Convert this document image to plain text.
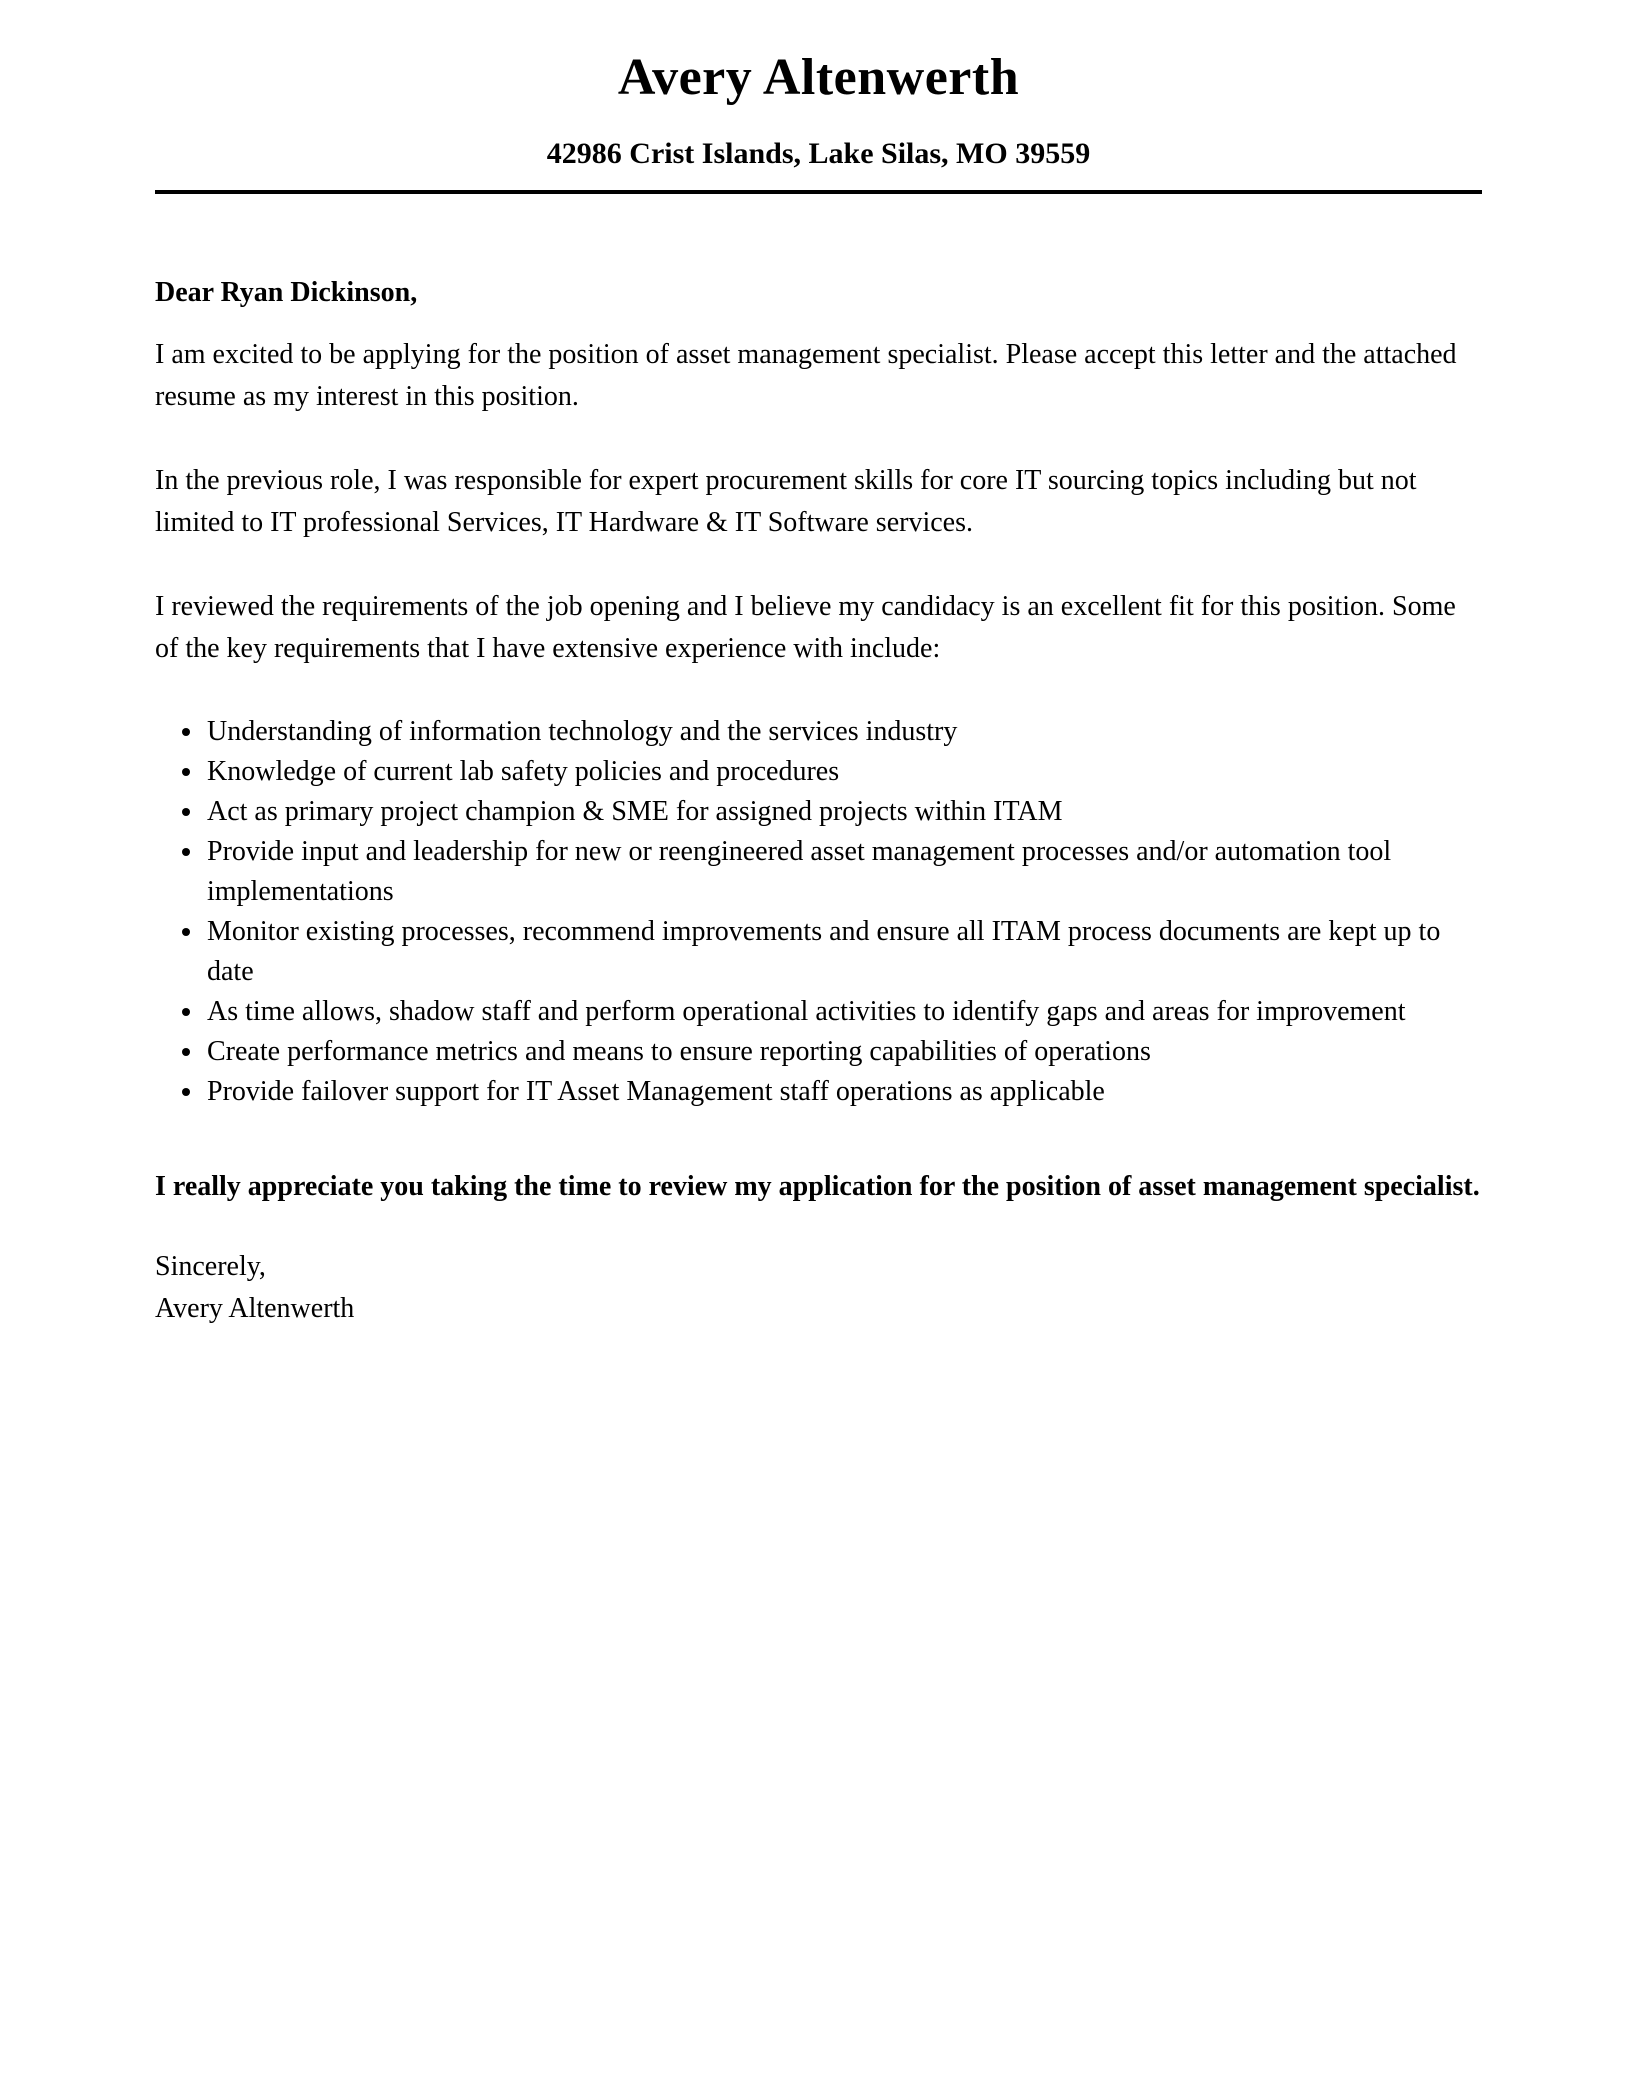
Avery Altenwerth
42986 Crist Islands, Lake Silas, MO 39559

Dear Ryan Dickinson,

I am excited to be applying for the position of asset management specialist. Please accept this letter and the attached resume as my interest in this position.

In the previous role, I was responsible for expert procurement skills for core IT sourcing topics including but not limited to IT professional Services, IT Hardware & IT Software services.

I reviewed the requirements of the job opening and I believe my candidacy is an excellent fit for this position. Some of the key requirements that I have extensive experience with include:

• Understanding of information technology and the services industry
• Knowledge of current lab safety policies and procedures
• Act as primary project champion & SME for assigned projects within ITAM
• Provide input and leadership for new or reengineered asset management processes and/or automation tool implementations
• Monitor existing processes, recommend improvements and ensure all ITAM process documents are kept up to date
• As time allows, shadow staff and perform operational activities to identify gaps and areas for improvement
• Create performance metrics and means to ensure reporting capabilities of operations
• Provide failover support for IT Asset Management staff operations as applicable

I really appreciate you taking the time to review my application for the position of asset management specialist.

Sincerely,

Avery Altenwerth
